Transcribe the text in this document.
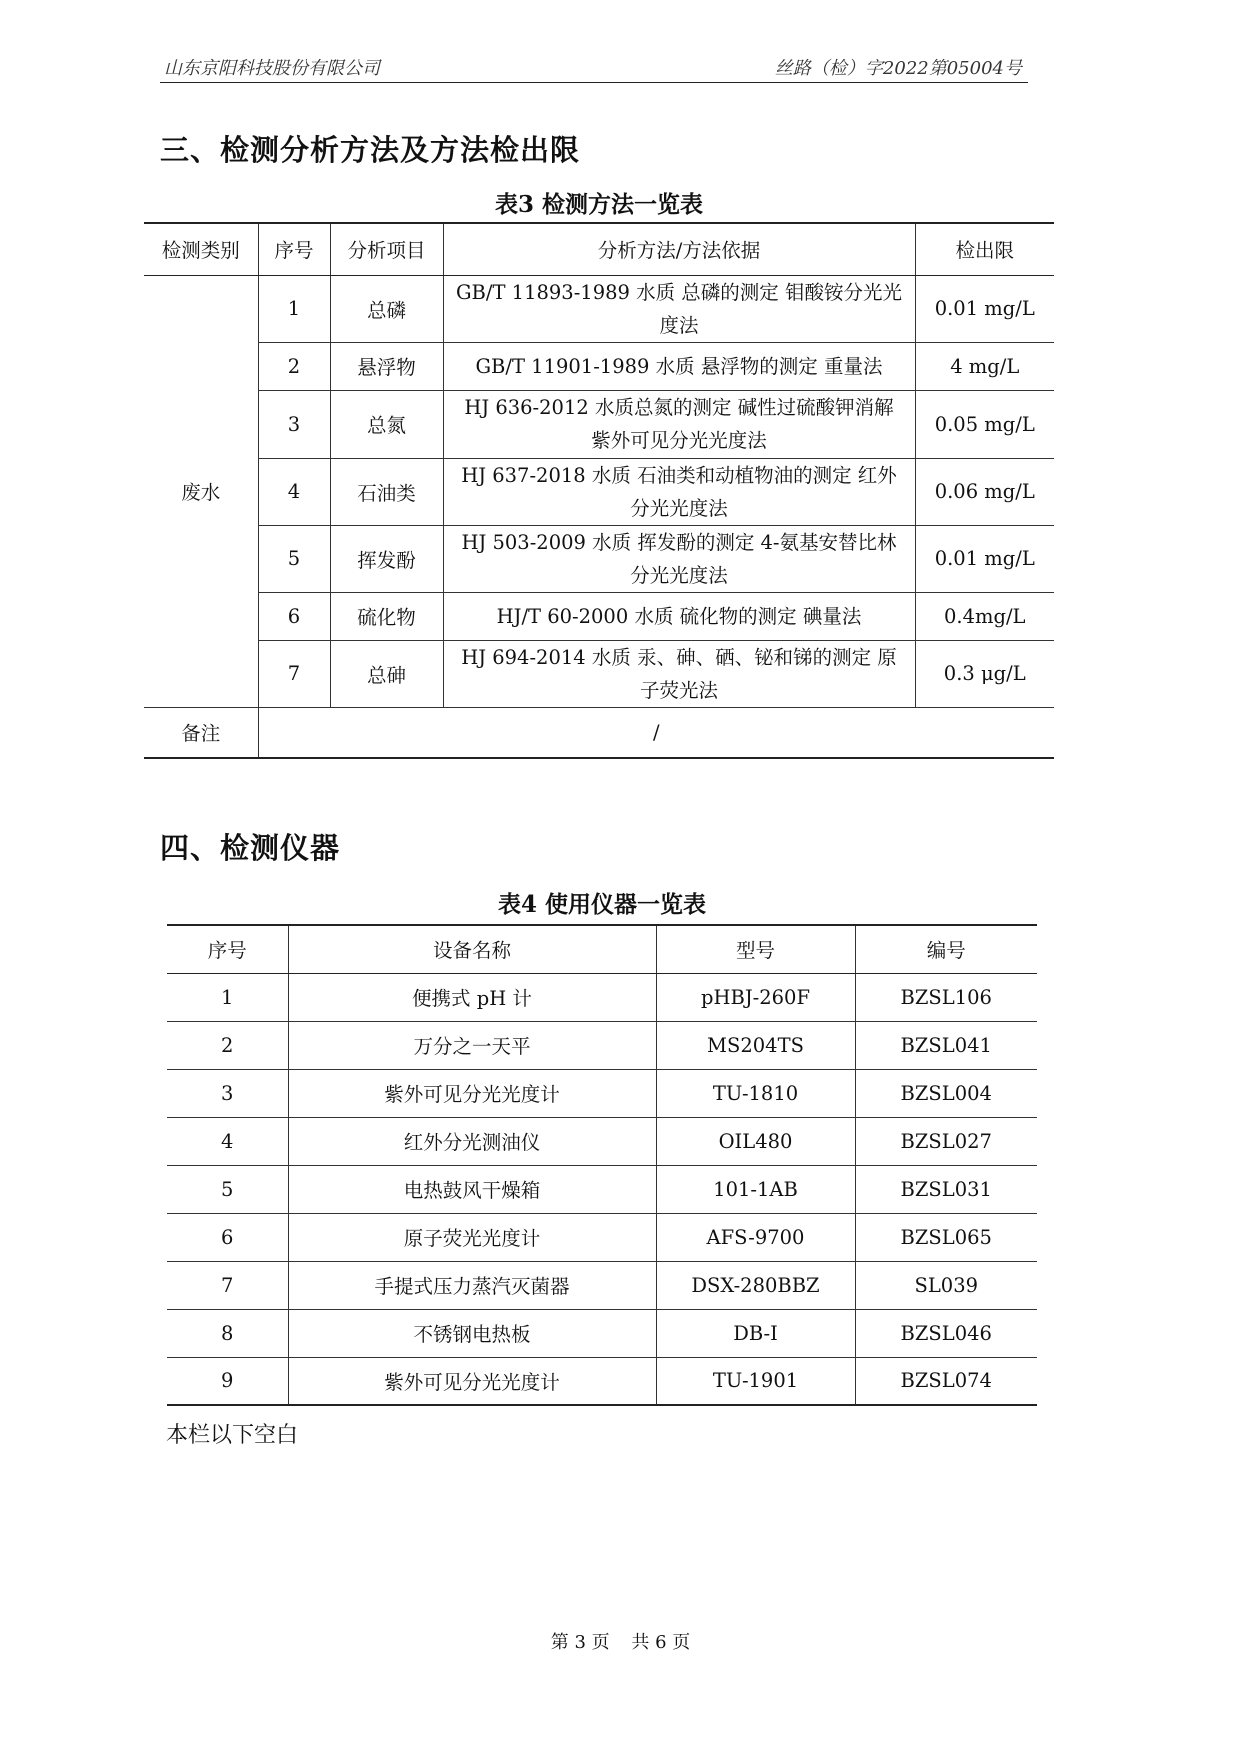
山东京阳科技股份有限公司	丝路（检）字2022第05004号
三、检测分析方法及方法检出限
表3 检测方法一览表
检测类别	序号	分析项目	分析方法/方法依据	检出限
废水	1	总磷	GB/T 11893-1989 水质 总磷的测定 钼酸铵分光光度法	0.01 mg/L
	2	悬浮物	GB/T 11901-1989 水质 悬浮物的测定 重量法	4 mg/L
	3	总氮	HJ 636-2012 水质总氮的测定 碱性过硫酸钾消解 紫外可见分光光度法	0.05 mg/L
	4	石油类	HJ 637-2018 水质 石油类和动植物油的测定 红外分光光度法	0.06 mg/L
	5	挥发酚	HJ 503-2009 水质 挥发酚的测定 4-氨基安替比林分光光度法	0.01 mg/L
	6	硫化物	HJ/T 60-2000 水质 硫化物的测定 碘量法	0.4mg/L
	7	总砷	HJ 694-2014 水质 汞、砷、硒、铋和锑的测定 原子荧光法	0.3 μg/L
备注	/			
四、检测仪器
表4 使用仪器一览表
序号	设备名称	型号	编号
1	便携式 pH 计	pHBJ-260F	BZSL106
2	万分之一天平	MS204TS	BZSL041
3	紫外可见分光光度计	TU-1810	BZSL004
4	红外分光测油仪	OIL480	BZSL027
5	电热鼓风干燥箱	101-1AB	BZSL031
6	原子荧光光度计	AFS-9700	BZSL065
7	手提式压力蒸汽灭菌器	DSX-280BBZ	SL039
8	不锈钢电热板	DB-I	BZSL046
9	紫外可见分光光度计	TU-1901	BZSL074
本栏以下空白
第 3 页 共 6 页
